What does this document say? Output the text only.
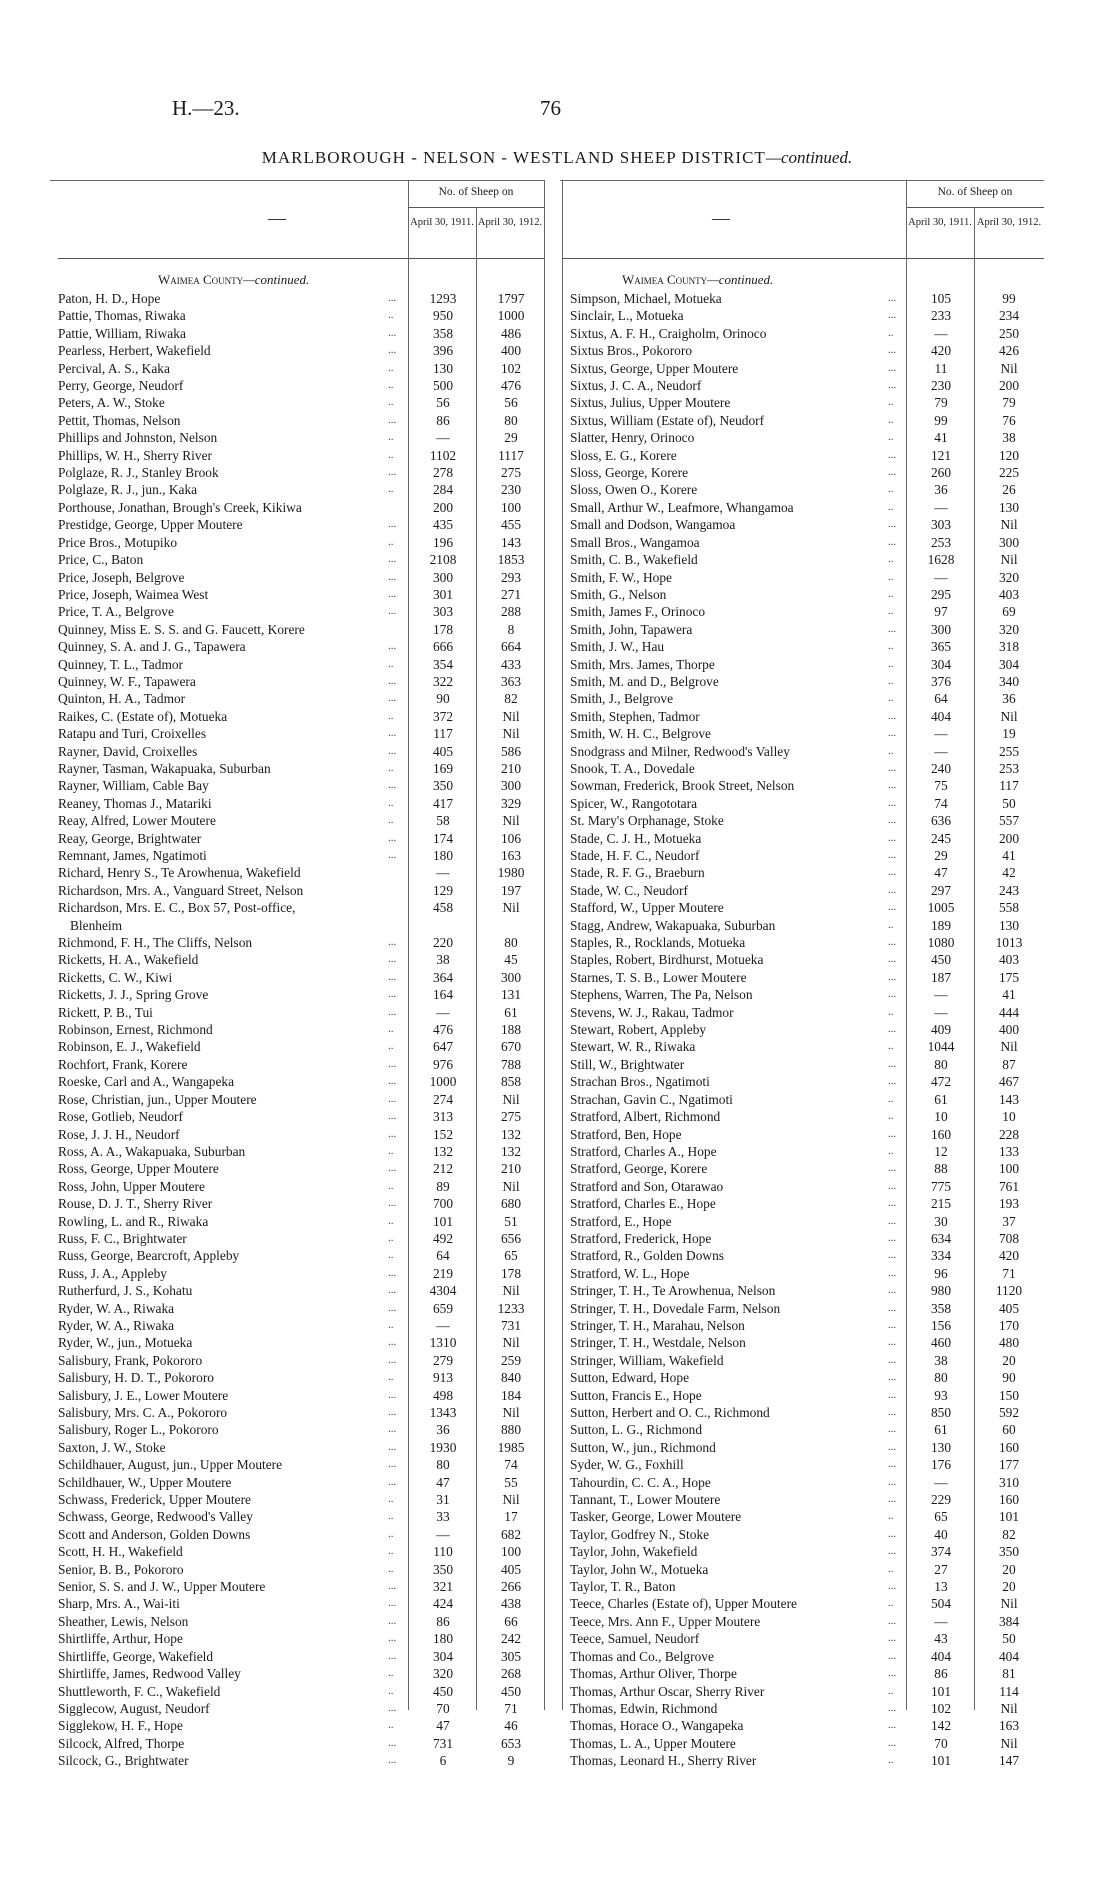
H.—23.	76
MARLBOROUGH - NELSON - WESTLAND SHEEP DISTRICT—continued.
—
No. of Sheep on
April 30, 1911. April 30, 1912.
Waimea County—continued.
Paton, H. D., Hope	...	1293	1797
Pattie, Thomas, Riwaka	..	950	1000
Pattie, William, Riwaka	...	358	486
Pearless, Herbert, Wakefield	...	396	400
Percival, A. S., Kaka	..	130	102
Perry, George, Neudorf	..	500	476
Peters, A. W., Stoke	..	56	56
Pettit, Thomas, Nelson	...	86	80
Phillips and Johnston, Nelson	..	—	29
Phillips, W. H., Sherry River	..	1102	1117
Polglaze, R. J., Stanley Brook	...	278	275
Polglaze, R. J., jun., Kaka	..	284	230
Porthouse, Jonathan, Brough's Creek, Kikiwa	200	100
Prestidge, George, Upper Moutere	...	435	455
Price Bros., Motupiko	..	196	143
Price, C., Baton	...	2108	1853
Price, Joseph, Belgrove	...	300	293
Price, Joseph, Waimea West	...	301	271
Price, T. A., Belgrove	...	303	288
Quinney, Miss E. S. S. and G. Faucett, Korere	178	8
Quinney, S. A. and J. G., Tapawera	...	666	664
Quinney, T. L., Tadmor	..	354	433
Quinney, W. F., Tapawera	...	322	363
Quinton, H. A., Tadmor	...	90	82
Raikes, C. (Estate of), Motueka	..	372	Nil
Ratapu and Turi, Croixelles	...	117	Nil
Rayner, David, Croixelles	...	405	586
Rayner, Tasman, Wakapuaka, Suburban	..	169	210
Rayner, William, Cable Bay	...	350	300
Reaney, Thomas J., Matariki	..	417	329
Reay, Alfred, Lower Moutere	..	58	Nil
Reay, George, Brightwater	...	174	106
Remnant, James, Ngatimoti	...	180	163
Richard, Henry S., Te Arowhenua, Wakefield	—	1980
Richardson, Mrs. A., Vanguard Street, Nelson	129	197
Richardson, Mrs. E. C., Box 57, Post-office,	458	Nil
Blenheim
Richmond, F. H., The Cliffs, Nelson	...	220	80
Ricketts, H. A., Wakefield	...	38	45
Ricketts, C. W., Kiwi	...	364	300
Ricketts, J. J., Spring Grove	...	164	131
Rickett, P. B., Tui	...	—	61
Robinson, Ernest, Richmond	..	476	188
Robinson, E. J., Wakefield	..	647	670
Rochfort, Frank, Korere	...	976	788
Roeske, Carl and A., Wangapeka	...	1000	858
Rose, Christian, jun., Upper Moutere	...	274	Nil
Rose, Gotlieb, Neudorf	...	313	275
Rose, J. J. H., Neudorf	...	152	132
Ross, A. A., Wakapuaka, Suburban	..	132	132
Ross, George, Upper Moutere	...	212	210
Ross, John, Upper Moutere	..	89	Nil
Rouse, D. J. T., Sherry River	...	700	680
Rowling, L. and R., Riwaka	..	101	51
Russ, F. C., Brightwater	..	492	656
Russ, George, Bearcroft, Appleby	..	64	65
Russ, J. A., Appleby	...	219	178
Rutherfurd, J. S., Kohatu	...	4304	Nil
Ryder, W. A., Riwaka	...	659	1233
Ryder, W. A., Riwaka	..	—	731
Ryder, W., jun., Motueka	...	1310	Nil
Salisbury, Frank, Pokororo	...	279	259
Salisbury, H. D. T., Pokororo	..	913	840
Salisbury, J. E., Lower Moutere	...	498	184
Salisbury, Mrs. C. A., Pokororo	...	1343	Nil
Salisbury, Roger L., Pokororo	...	36	880
Saxton, J. W., Stoke	...	1930	1985
Schildhauer, August, jun., Upper Moutere	...	80	74
Schildhauer, W., Upper Moutere	...	47	55
Schwass, Frederick, Upper Moutere	..	31	Nil
Schwass, George, Redwood's Valley	..	33	17
Scott and Anderson, Golden Downs	..	—	682
Scott, H. H., Wakefield	..	110	100
Senior, B. B., Pokororo	..	350	405
Senior, S. S. and J. W., Upper Moutere	...	321	266
Sharp, Mrs. A., Wai-iti	...	424	438
Sheather, Lewis, Nelson	...	86	66
Shirtliffe, Arthur, Hope	...	180	242
Shirtliffe, George, Wakefield	...	304	305
Shirtliffe, James, Redwood Valley	..	320	268
Shuttleworth, F. C., Wakefield	..	450	450
Sigglecow, August, Neudorf	...	70	71
Sigglekow, H. F., Hope	..	47	46
Silcock, Alfred, Thorpe	...	731	653
Silcock, G., Brightwater	...	6	9
—
No. of Sheep on
April 30, 1911. April 30, 1912.
Waimea County—continued.
Simpson, Michael, Motueka	...	105	99
Sinclair, L., Motueka	...	233	234
Sixtus, A. F. H., Craigholm, Orinoco	..	—	250
Sixtus Bros., Pokororo	...	420	426
Sixtus, George, Upper Moutere	...	11	Nil
Sixtus, J. C. A., Neudorf	...	230	200
Sixtus, Julius, Upper Moutere	..	79	79
Sixtus, William (Estate of), Neudorf	..	99	76
Slatter, Henry, Orinoco	..	41	38
Sloss, E. G., Korere	...	121	120
Sloss, George, Korere	...	260	225
Sloss, Owen O., Korere	..	36	26
Small, Arthur W., Leafmore, Whangamoa	..	—	130
Small and Dodson, Wangamoa	...	303	Nil
Small Bros., Wangamoa	...	253	300
Smith, C. B., Wakefield	..	1628	Nil
Smith, F. W., Hope	..	—	320
Smith, G., Nelson	..	295	403
Smith, James F., Orinoco	..	97	69
Smith, John, Tapawera	...	300	320
Smith, J. W., Hau	..	365	318
Smith, Mrs. James, Thorpe	..	304	304
Smith, M. and D., Belgrove	..	376	340
Smith, J., Belgrove	..	64	36
Smith, Stephen, Tadmor	...	404	Nil
Smith, W. H. C., Belgrove	...	—	19
Snodgrass and Milner, Redwood's Valley	..	—	255
Snook, T. A., Dovedale	...	240	253
Sowman, Frederick, Brook Street, Nelson	...	75	117
Spicer, W., Rangototara	...	74	50
St. Mary's Orphanage, Stoke	...	636	557
Stade, C. J. H., Motueka	...	245	200
Stade, H. F. C., Neudorf	...	29	41
Stade, R. F. G., Braeburn	...	47	42
Stade, W. C., Neudorf	...	297	243
Stafford, W., Upper Moutere	...	1005	558
Stagg, Andrew, Wakapuaka, Suburban	..	189	130
Staples, R., Rocklands, Motueka	...	1080	1013
Staples, Robert, Birdhurst, Motueka	...	450	403
Starnes, T. S. B., Lower Moutere	...	187	175
Stephens, Warren, The Pa, Nelson	...	—	41
Stevens, W. J., Rakau, Tadmor	..	—	444
Stewart, Robert, Appleby	...	409	400
Stewart, W. R., Riwaka	..	1044	Nil
Still, W., Brightwater	...	80	87
Strachan Bros., Ngatimoti	...	472	467
Strachan, Gavin C., Ngatimoti	..	61	143
Stratford, Albert, Richmond	..	10	10
Stratford, Ben, Hope	...	160	228
Stratford, Charles A., Hope	..	12	133
Stratford, George, Korere	...	88	100
Stratford and Son, Otarawao	...	775	761
Stratford, Charles E., Hope	...	215	193
Stratford, E., Hope	...	30	37
Stratford, Frederick, Hope	...	634	708
Stratford, R., Golden Downs	...	334	420
Stratford, W. L., Hope	...	96	71
Stringer, T. H., Te Arowhenua, Nelson	...	980	1120
Stringer, T. H., Dovedale Farm, Nelson	...	358	405
Stringer, T. H., Marahau, Nelson	...	156	170
Stringer, T. H., Westdale, Nelson	...	460	480
Stringer, William, Wakefield	...	38	20
Sutton, Edward, Hope	...	80	90
Sutton, Francis E., Hope	...	93	150
Sutton, Herbert and O. C., Richmond	...	850	592
Sutton, L. G., Richmond	...	61	60
Sutton, W., jun., Richmond	...	130	160
Syder, W. G., Foxhill	...	176	177
Tahourdin, C. C. A., Hope	...	—	310
Tannant, T., Lower Moutere	...	229	160
Tasker, George, Lower Moutere	..	65	101
Taylor, Godfrey N., Stoke	...	40	82
Taylor, John, Wakefield	...	374	350
Taylor, John W., Motueka	..	27	20
Taylor, T. R., Baton	...	13	20
Teece, Charles (Estate of), Upper Moutere	..	504	Nil
Teece, Mrs. Ann F., Upper Moutere	...	—	384
Teece, Samuel, Neudorf	...	43	50
Thomas and Co., Belgrove	...	404	404
Thomas, Arthur Oliver, Thorpe	...	86	81
Thomas, Arthur Oscar, Sherry River	..	101	114
Thomas, Edwin, Richmond	...	102	Nil
Thomas, Horace O., Wangapeka	...	142	163
Thomas, L. A., Upper Moutere	...	70	Nil
Thomas, Leonard H., Sherry River	..	101	147
